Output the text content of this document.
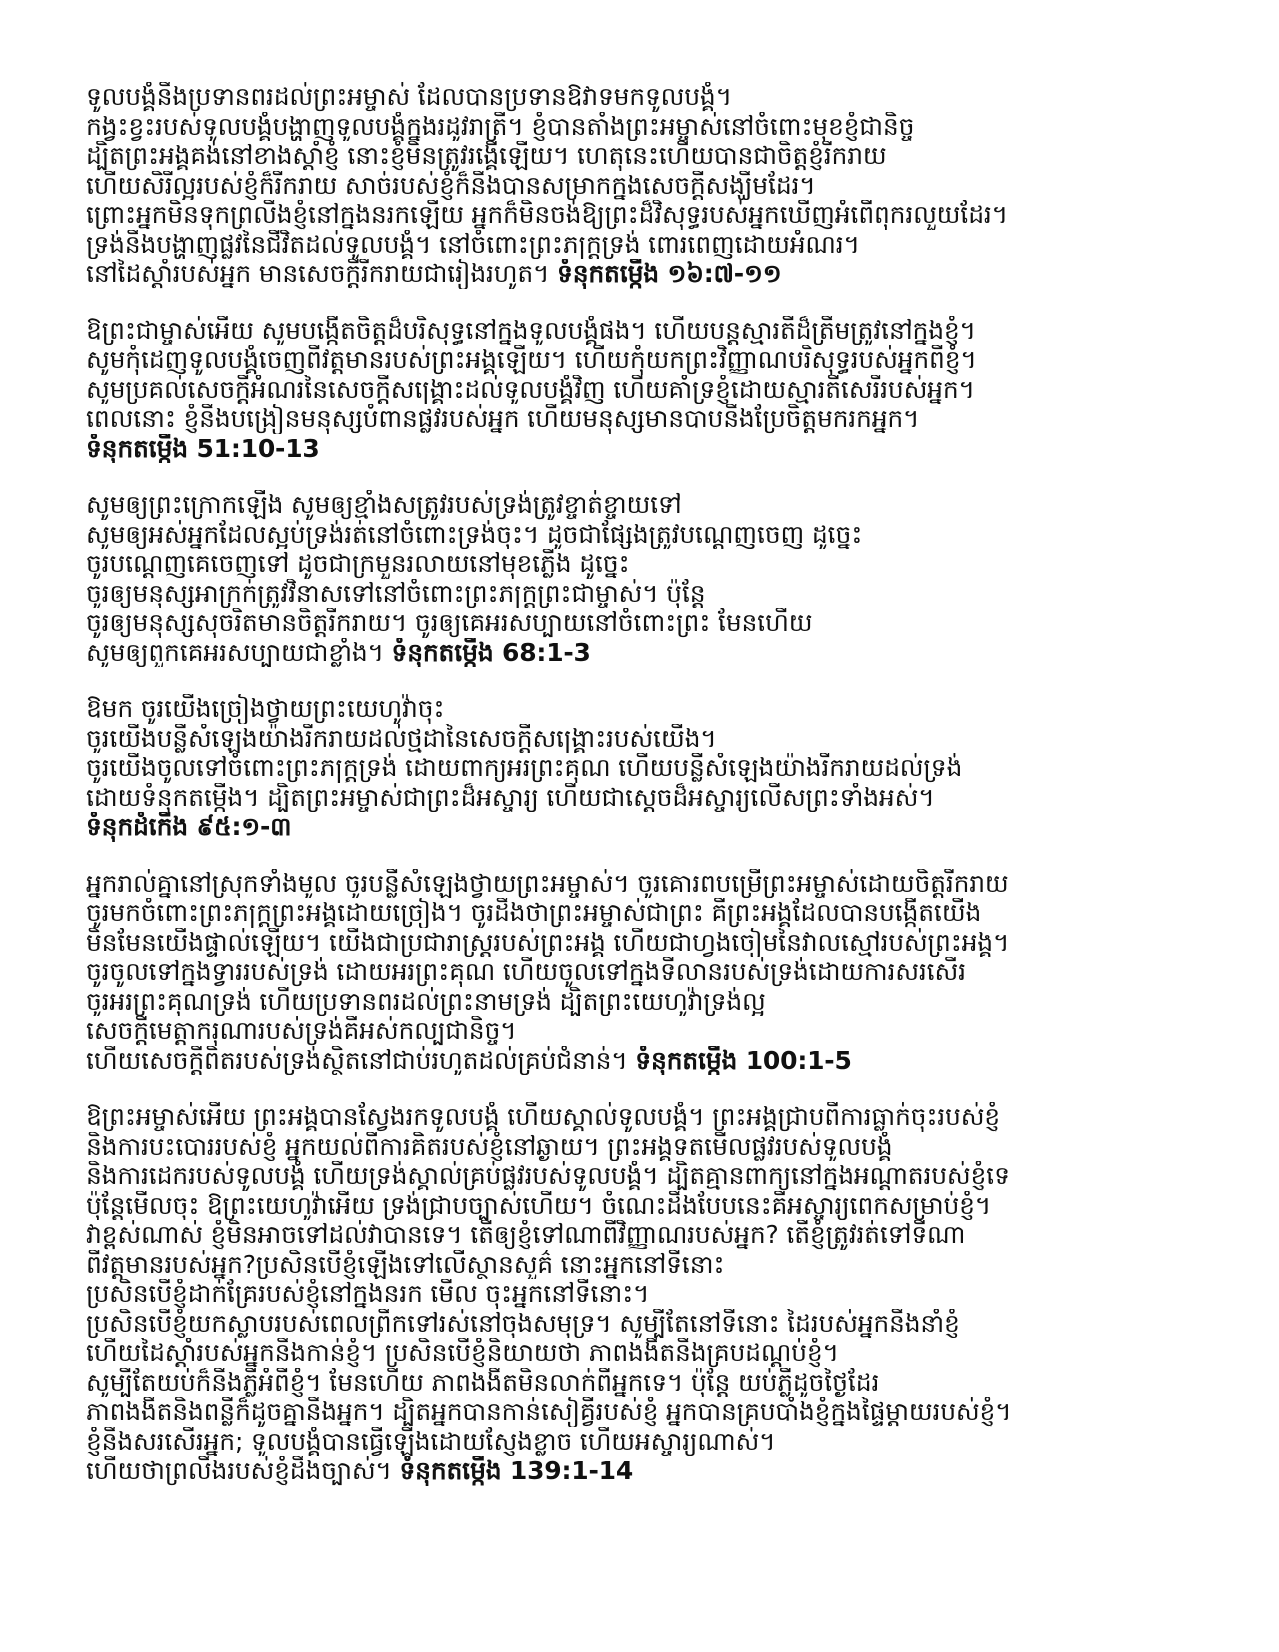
ទូលបង្គំនឹងប្រទានពរដល់ព្រះអម្ចាស់ ដែលបានប្រទានឱវាទមកទូលបង្គំ។
កង្វះខ្វះរបស់ទូលបង្គំបង្ហាញទូលបង្គំក្នុងរដូវរាត្រី។ ខ្ញុំបានតាំងព្រះអម្ចាស់នៅចំពោះមុខខ្ញុំជានិច្ច
ដ្បិតព្រះអង្គគង់នៅខាងស្តាំខ្ញុំ នោះខ្ញុំមិនត្រូវរង្គើឡើយ។ ហេតុនេះហើយបានជាចិត្តខ្ញុំរីករាយ
ហើយសិរីល្អរបស់ខ្ញុំក៏រីករាយ សាច់របស់ខ្ញុំក៏នឹងបានសម្រាកក្នុងសេចក្ដីសង្ឃឹមដែរ។
ព្រោះអ្នកមិនទុកព្រលឹងខ្ញុំនៅក្នុងនរកឡើយ អ្នកក៏មិនចង់ឱ្យព្រះដ៏វិសុទ្ធរបស់អ្នកឃើញអំពើពុករលួយដែរ។
ទ្រង់នឹងបង្ហាញផ្លូវនៃជីវិតដល់ទូលបង្គំ។ នៅចំពោះព្រះភក្ត្រទ្រង់ ពោរពេញដោយអំណរ។
នៅដៃស្តាំរបស់អ្នក មានសេចក្តីរីករាយជារៀងរហូត។ ទំនុកតម្កើង ១៦:៧-១១
ឱព្រះជាម្ចាស់អើយ សូមបង្កើតចិត្តដ៏បរិសុទ្ធនៅក្នុងទូលបង្គំផង។ ហើយបន្តស្មារតីដ៏ត្រឹមត្រូវនៅក្នុងខ្ញុំ។
សូមកុំដេញទូលបង្គំចេញពីវត្តមានរបស់ព្រះអង្គឡើយ។ ហើយកុំយកព្រះវិញ្ញាណបរិសុទ្ធរបស់អ្នកពីខ្ញុំ។
សូមប្រគល់សេចក្តីអំណរនៃសេចក្តីសង្គ្រោះដល់ទូលបង្គំវិញ ហើយគាំទ្រខ្ញុំដោយស្មារតីសេរីរបស់អ្នក។
ពេលនោះ ខ្ញុំនឹងបង្រៀនមនុស្សបំពានផ្លូវរបស់អ្នក ហើយមនុស្សមានបាបនឹងប្រែចិត្តមករកអ្នក។
ទំនុកតម្កើង 51:10-13
សូមឲ្យព្រះក្រោកឡើង សូមឲ្យខ្មាំងសត្រូវរបស់ទ្រង់ត្រូវខ្ចាត់ខ្ចាយទៅ
សូមឲ្យអស់អ្នកដែលស្អប់ទ្រង់រត់នៅចំពោះទ្រង់ចុះ។ ដូចជាផ្សែងត្រូវបណ្តេញចេញ ដូច្នេះ
ចូរបណ្តេញគេចេញទៅ ដូចជាក្រមួនរលាយនៅមុខភ្លើង ដូច្នេះ
ចូរឲ្យមនុស្សអាក្រក់ត្រូវវិនាសទៅនៅចំពោះព្រះភក្ត្រព្រះជាម្ចាស់។ ប៉ុន្តែ
ចូរឲ្យមនុស្សសុចរិតមានចិត្តរីករាយ។ ចូរឲ្យគេអរសប្បាយនៅចំពោះព្រះ មែនហើយ
សូមឲ្យពួកគេអរសប្បាយជាខ្លាំង។ ទំនុកតម្កើង 68:1-3
ឱមក ចូរយើងច្រៀងថ្វាយព្រះយេហូវ៉ាចុះ
ចូរយើងបន្លឺសំឡេងយ៉ាងរីករាយដល់ថ្មដានៃសេចក្តីសង្គ្រោះរបស់យើង។
ចូរយើងចូលទៅចំពោះព្រះភក្ត្រទ្រង់ ដោយពាក្យអរព្រះគុណ ហើយបន្លឺសំឡេងយ៉ាងរីករាយដល់ទ្រង់
ដោយទំនុកតម្កើង។ ដ្បិតព្រះអម្ចាស់ជាព្រះដ៏អស្ចារ្យ ហើយជាស្តេចដ៏អស្ចារ្យលើសព្រះទាំងអស់។
ទំនុកដំកើង ៩៥:១-៣
អ្នករាល់គ្នានៅស្រុកទាំងមូល ចូរបន្លឺសំឡេងថ្វាយព្រះអម្ចាស់។ ចូរគោរពបម្រើព្រះអម្ចាស់ដោយចិត្តរីករាយ
ចូរមកចំពោះព្រះភក្ត្រព្រះអង្គដោយច្រៀង។ ចូរដឹងថាព្រះអម្ចាស់ជាព្រះ គឺព្រះអង្គដែលបានបង្កើតយើង
មិនមែនយើងផ្ទាល់ឡើយ។ យើងជាប្រជារាស្ត្ររបស់ព្រះអង្គ ហើយជាហ្វូងចៀមនៃវាលស្មៅរបស់ព្រះអង្គ។
ចូរចូលទៅក្នុងទ្វាររបស់ទ្រង់ ដោយអរព្រះគុណ ហើយចូលទៅក្នុងទីលានរបស់ទ្រង់ដោយការសរសើរ
ចូរអរព្រះគុណទ្រង់ ហើយប្រទានពរដល់ព្រះនាមទ្រង់ ដ្បិតព្រះយេហូវ៉ាទ្រង់ល្អ
សេចក្តីមេត្តាករុណារបស់ទ្រង់គឺអស់កល្បជានិច្ច។
ហើយសេចក្តីពិតរបស់ទ្រង់ស្ថិតនៅជាប់រហូតដល់គ្រប់ជំនាន់។ ទំនុកតម្កើង 100:1-5
ឱព្រះអម្ចាស់អើយ ព្រះអង្គបានស្វែងរកទូលបង្គំ ហើយស្គាល់ទូលបង្គំ។ ព្រះអង្គជ្រាបពីការធ្លាក់ចុះរបស់ខ្ញុំ
និងការបះបោររបស់ខ្ញុំ អ្នកយល់ពីការគិតរបស់ខ្ញុំនៅឆ្ងាយ។ ព្រះអង្គទតមើលផ្លូវរបស់ទូលបង្គំ
និងការដេករបស់ទូលបង្គំ ហើយទ្រង់ស្គាល់គ្រប់ផ្លូវរបស់ទូលបង្គំ។ ដ្បិតគ្មានពាក្យនៅក្នុងអណ្តាតរបស់ខ្ញុំទេ
ប៉ុន្តែមើលចុះ ឱព្រះយេហូវ៉ាអើយ ទ្រង់ជ្រាបច្បាស់ហើយ។ ចំណេះដឹងបែបនេះគឺអស្ចារ្យពេកសម្រាប់ខ្ញុំ។
វាខ្ពស់ណាស់ ខ្ញុំមិនអាចទៅដល់វាបានទេ។ តើឲ្យខ្ញុំទៅណាពីវិញ្ញាណរបស់អ្នក? តើខ្ញុំត្រូវរត់ទៅទីណា
ពីវត្តមានរបស់អ្នក?ប្រសិនបើខ្ញុំឡើងទៅលើស្ថានសួគ៌ នោះអ្នកនៅទីនោះ
ប្រសិនបើខ្ញុំដាក់គ្រែរបស់ខ្ញុំនៅក្នុងនរក មើល ចុះអ្នកនៅទីនោះ។
ប្រសិនបើខ្ញុំយកស្លាបរបស់ពេលព្រឹកទៅរស់នៅចុងសមុទ្រ។ សូម្បីតែនៅទីនោះ ដៃរបស់អ្នកនឹងនាំខ្ញុំ
ហើយដៃស្តាំរបស់អ្នកនឹងកាន់ខ្ញុំ។ ប្រសិនបើខ្ញុំនិយាយថា ភាពងងឹតនឹងគ្របដណ្តប់ខ្ញុំ។
សូម្បីតែយប់ក៏នឹងភ្លឺអំពីខ្ញុំ។ មែនហើយ ភាពងងឹតមិនលាក់ពីអ្នកទេ។ ប៉ុន្តែ យប់ភ្លឺដូចថ្ងៃដែរ
ភាពងងឹតនិងពន្លឺក៏ដូចគ្នានឹងអ្នក។ ដ្បិតអ្នកបានកាន់សៀគ្វីរបស់ខ្ញុំ អ្នកបានគ្របបាំងខ្ញុំក្នុងផ្ទៃម្តាយរបស់ខ្ញុំ។
ខ្ញុំនឹងសរសើរអ្នក; ទូលបង្គំបានធ្វើឡើងដោយស្ញែងខ្លាច ហើយអស្ចារ្យណាស់។
ហើយថាព្រលឹងរបស់ខ្ញុំដឹងច្បាស់។ ទំនុកតម្កើង 139:1-14
